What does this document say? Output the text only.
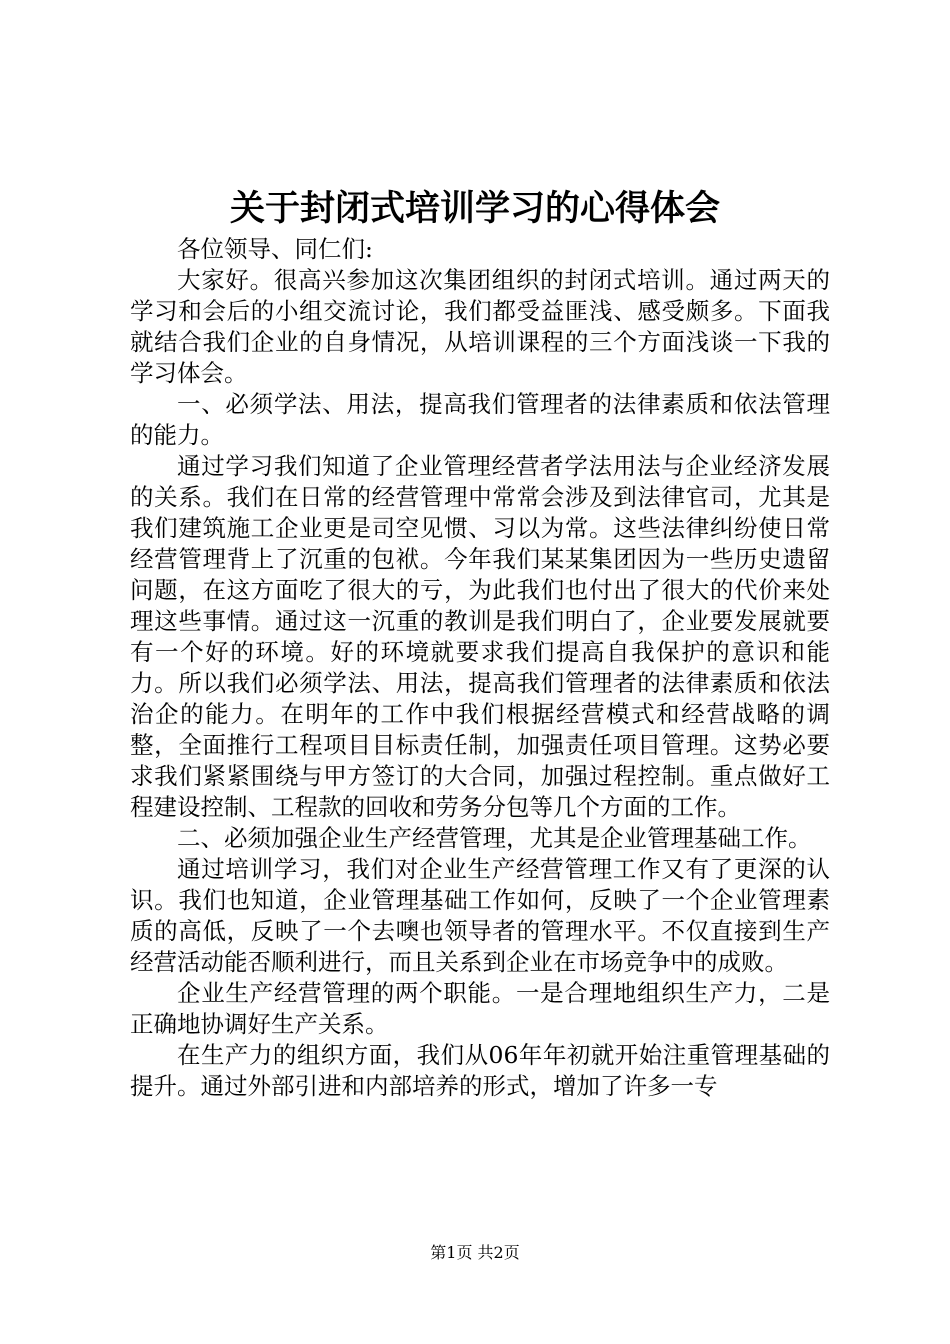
关于封闭式培训学习的心得体会

各位领导、同仁们:

大家好。很高兴参加这次集团组织的封闭式培训。通过两天的学习和会后的小组交流讨论，我们都受益匪浅、感受颇多。下面我就结合我们企业的自身情况，从培训课程的三个方面浅谈一下我的学习体会。

一、必须学法、用法，提高我们管理者的法律素质和依法管理的能力。

通过学习我们知道了企业管理经营者学法用法与企业经济发展的关系。我们在日常的经营管理中常常会涉及到法律官司，尤其是我们建筑施工企业更是司空见惯、习以为常。这些法律纠纷使日常经营管理背上了沉重的包袱。今年我们某某集团因为一些历史遗留问题，在这方面吃了很大的亏，为此我们也付出了很大的代价来处理这些事情。通过这一沉重的教训是我们明白了，企业要发展就要有一个好的环境。好的环境就要求我们提高自我保护的意识和能力。所以我们必须学法、用法，提高我们管理者的法律素质和依法治企的能力。在明年的工作中我们根据经营模式和经营战略的调整，全面推行工程项目目标责任制，加强责任项目管理。这势必要求我们紧紧围绕与甲方签订的大合同，加强过程控制。重点做好工程建设控制、工程款的回收和劳务分包等几个方面的工作。

二、必须加强企业生产经营管理，尤其是企业管理基础工作。

通过培训学习，我们对企业生产经营管理工作又有了更深的认识。我们也知道，企业管理基础工作如何，反映了一个企业管理素质的高低，反映了一个去噢也领导者的管理水平。不仅直接到生产经营活动能否顺利进行，而且关系到企业在市场竞争中的成败。

企业生产经营管理的两个职能。一是合理地组织生产力，二是正确地协调好生产关系。

在生产力的组织方面，我们从06年年初就开始注重管理基础的提升。通过外部引进和内部培养的形式，增加了许多一专

第1页 共2页
